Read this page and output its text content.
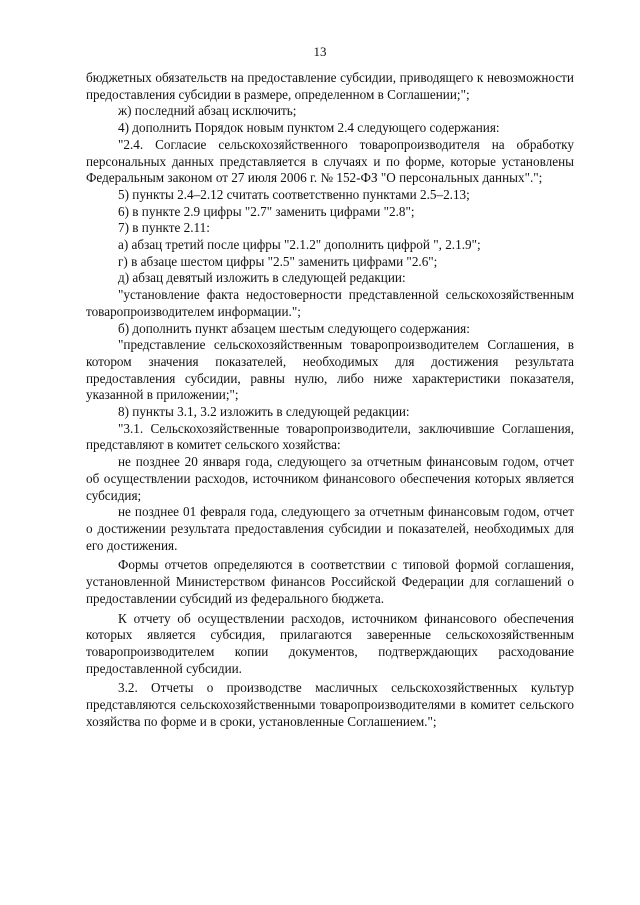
13

бюджетных обязательств на предоставление субсидии, приводящего к невозможности предоставления субсидии в размере, определенном в Соглашении;";

ж) последний абзац исключить;

4) дополнить Порядок новым пунктом 2.4 следующего содержания:

"2.4. Согласие сельскохозяйственного товаропроизводителя на обработку персональных данных представляется в случаях и по форме, которые установлены Федеральным законом от 27 июля 2006 г. № 152-ФЗ "О персональных данных".";

5) пункты 2.4–2.12 считать соответственно пунктами 2.5–2.13;

6) в пункте 2.9 цифры "2.7" заменить цифрами "2.8";

7) в пункте 2.11:

а) абзац третий после цифры "2.1.2" дополнить цифрой ", 2.1.9";

г) в абзаце шестом цифры "2.5" заменить цифрами "2.6";

д) абзац девятый изложить в следующей редакции:

"установление факта недостоверности представленной сельскохозяйственным товаропроизводителем информации.";

б) дополнить пункт абзацем шестым следующего содержания:

"представление сельскохозяйственным товаропроизводителем Соглашения, в котором значения показателей, необходимых для достижения результата предоставления субсидии, равны нулю, либо ниже характеристики показателя, указанной в приложении;";

8) пункты 3.1, 3.2 изложить в следующей редакции:

"3.1. Сельскохозяйственные товаропроизводители, заключившие Соглашения, представляют в комитет сельского хозяйства:

не позднее 20 января года, следующего за отчетным финансовым годом, отчет об осуществлении расходов, источником финансового обеспечения которых является субсидия;

не позднее 01 февраля года, следующего за отчетным финансовым годом, отчет о достижении результата предоставления субсидии и показателей, необходимых для его достижения.

Формы отчетов определяются в соответствии с типовой формой соглашения, установленной Министерством финансов Российской Федерации для соглашений о предоставлении субсидий из федерального бюджета.

К отчету об осуществлении расходов, источником финансового обеспечения которых является субсидия, прилагаются заверенные сельскохозяйственным товаропроизводителем копии документов, подтверждающих расходование предоставленной субсидии.

3.2. Отчеты о производстве масличных сельскохозяйственных культур представляются сельскохозяйственными товаропроизводителями в комитет сельского хозяйства по форме и в сроки, установленные Соглашением.";
